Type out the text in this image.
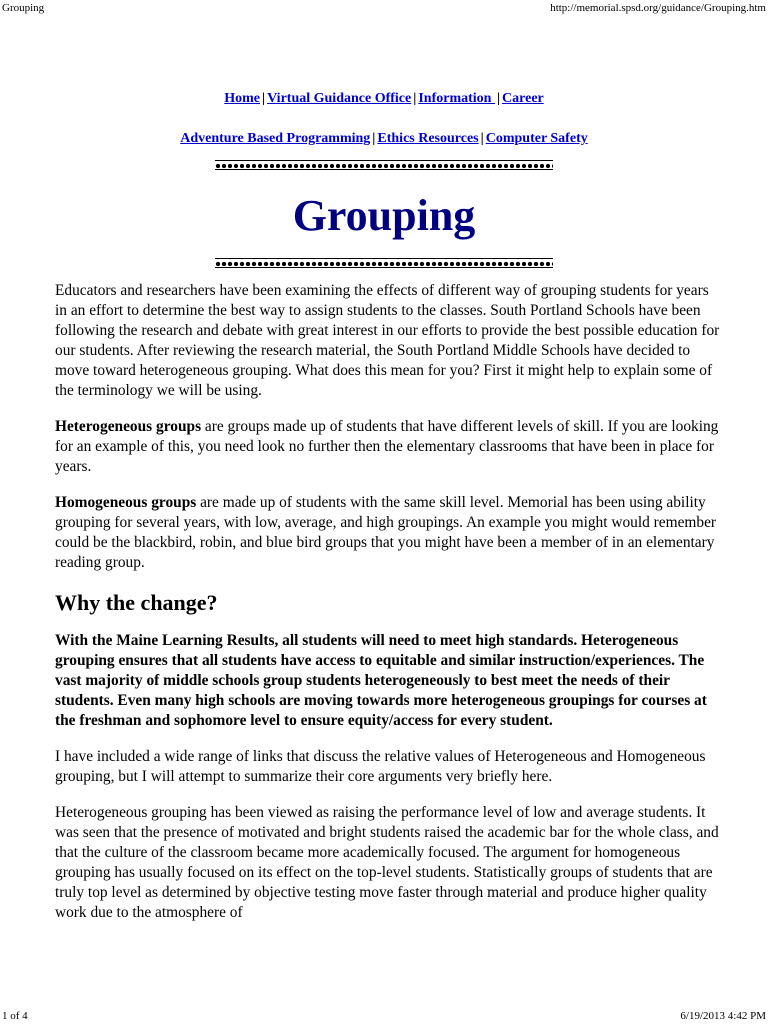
Grouping	http://memorial.spsd.org/guidance/Grouping.htm
Home | Virtual Guidance Office | Information | Career
Adventure Based Programming | Ethics Resources | Computer Safety
Grouping

Educators and researchers have been examining the effects of different way of grouping students for years in an effort to determine the best way to assign students to the classes. South Portland Schools have been following the research and debate with great interest in our efforts to provide the best possible education for our students. After reviewing the research material, the South Portland Middle Schools have decided to move toward heterogeneous grouping. What does this mean for you? First it might help to explain some of the terminology we will be using.

Heterogeneous groups are groups made up of students that have different levels of skill. If you are looking for an example of this, you need look no further then the elementary classrooms that have been in place for years.

Homogeneous groups are made up of students with the same skill level. Memorial has been using ability grouping for several years, with low, average, and high groupings. An example you might would remember could be the blackbird, robin, and blue bird groups that you might have been a member of in an elementary reading group.

Why the change?

With the Maine Learning Results, all students will need to meet high standards. Heterogeneous grouping ensures that all students have access to equitable and similar instruction/experiences. The vast majority of middle schools group students heterogeneously to best meet the needs of their students. Even many high schools are moving towards more heterogeneous groupings for courses at the freshman and sophomore level to ensure equity/access for every student.

I have included a wide range of links that discuss the relative values of Heterogeneous and Homogeneous grouping, but I will attempt to summarize their core arguments very briefly here.

Heterogeneous grouping has been viewed as raising the performance level of low and average students. It was seen that the presence of motivated and bright students raised the academic bar for the whole class, and that the culture of the classroom became more academically focused. The argument for homogeneous grouping has usually focused on its effect on the top-level students. Statistically groups of students that are truly top level as determined by objective testing move faster through material and produce higher quality work due to the atmosphere of

1 of 4	6/19/2013 4:42 PM
